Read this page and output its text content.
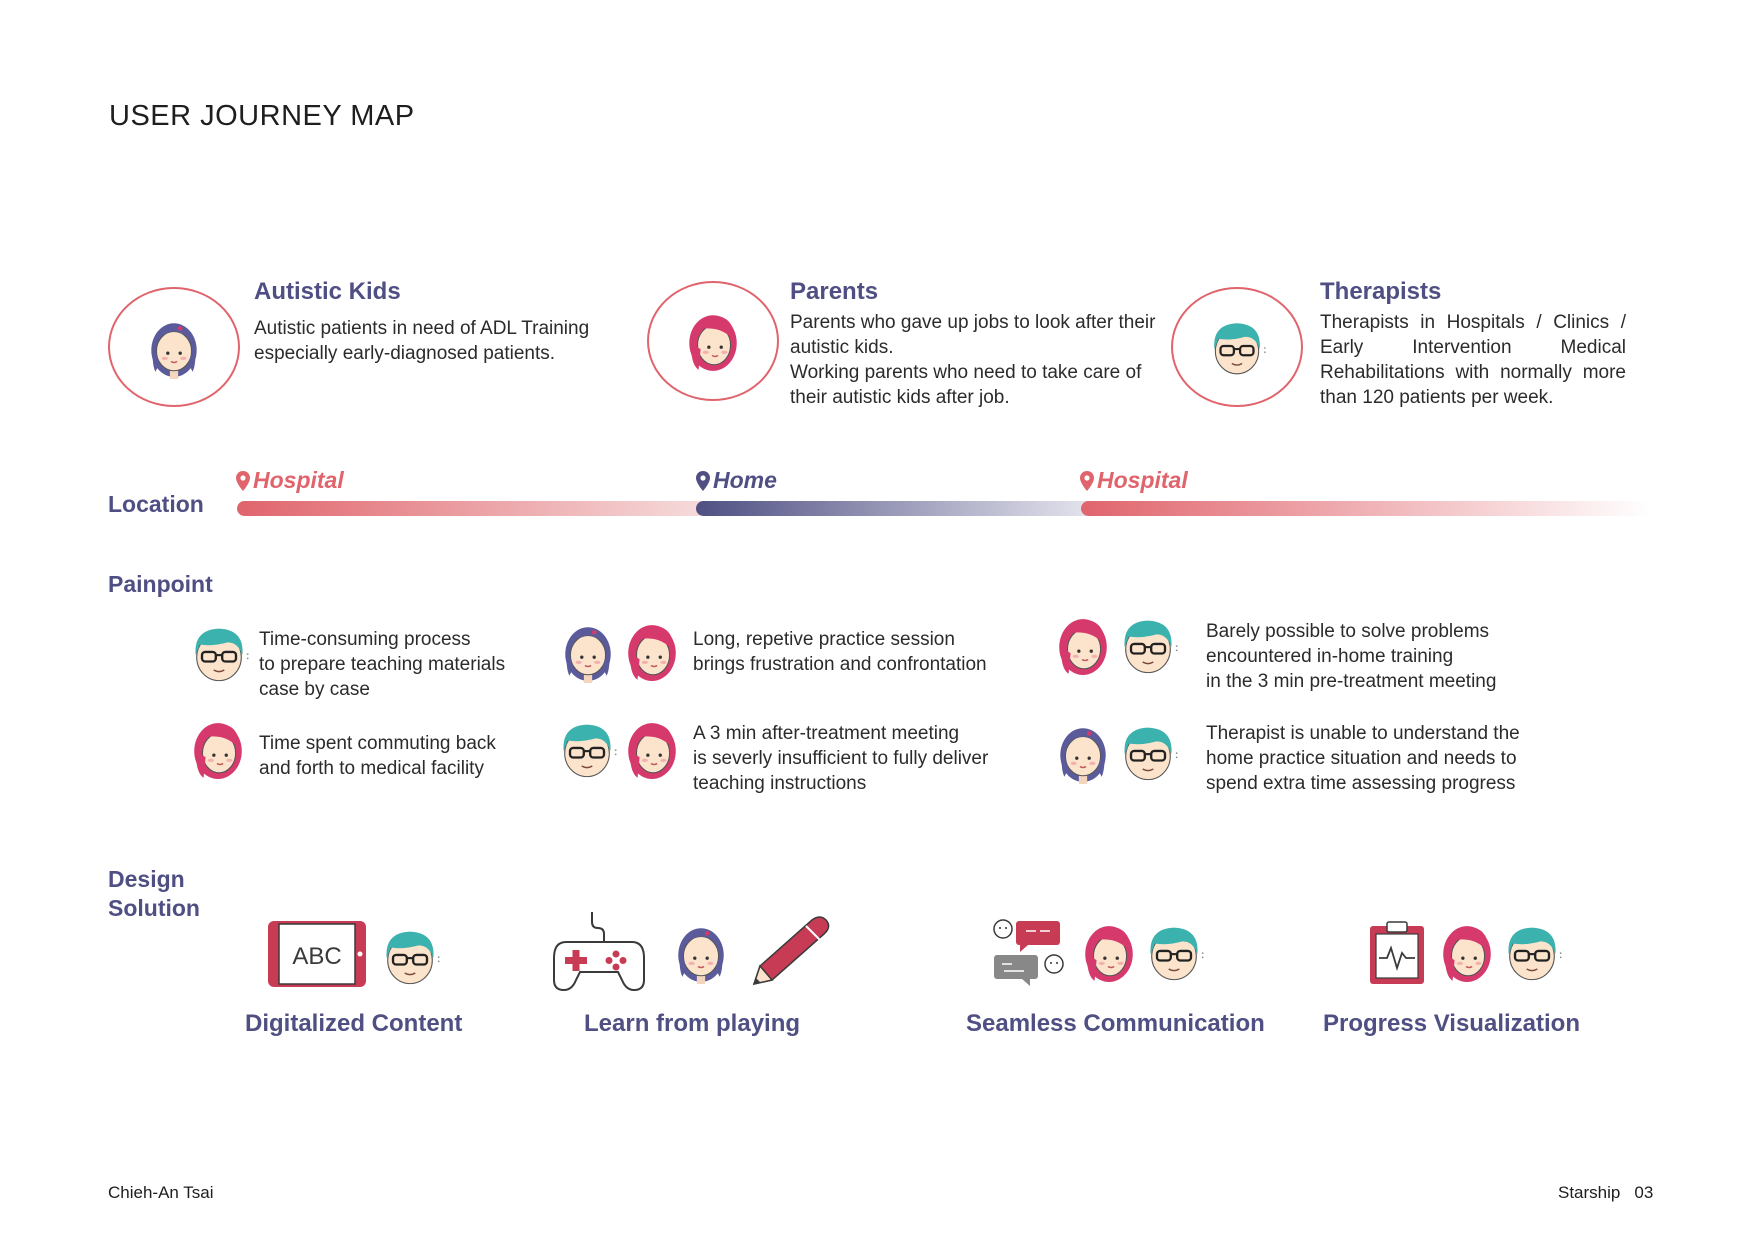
USER JOURNEY MAP
Autistic Kids
Autistic patients in need of ADL Training especially early-diagnosed patients.
Parents
Parents who gave up jobs to look after their autistic kids.
Working parents who need to take care of their autistic kids after job.
Therapists
Therapists in Hospitals / Clinics / Early Intervention Medical Rehabilitations with normally more than 120 patients per week.
Location
Hospital	Home	Hospital
Painpoint
Time-consuming process
to prepare teaching materials
case by case
Long, repetive practice session
brings frustration and confrontation
Barely possible to solve problems
encountered in-home training
in the 3 min pre-treatment meeting
Time spent commuting back
and forth to medical facility
A 3 min after-treatment meeting
is severly insufficient to fully deliver
teaching instructions
Therapist is unable to understand the
home practice situation and needs to
spend extra time assessing progress
Design Solution
ABC
Digitalized Content	Learn from playing	Seamless Communication Progress Visualization
Chieh-An Tsai	Starship 03
